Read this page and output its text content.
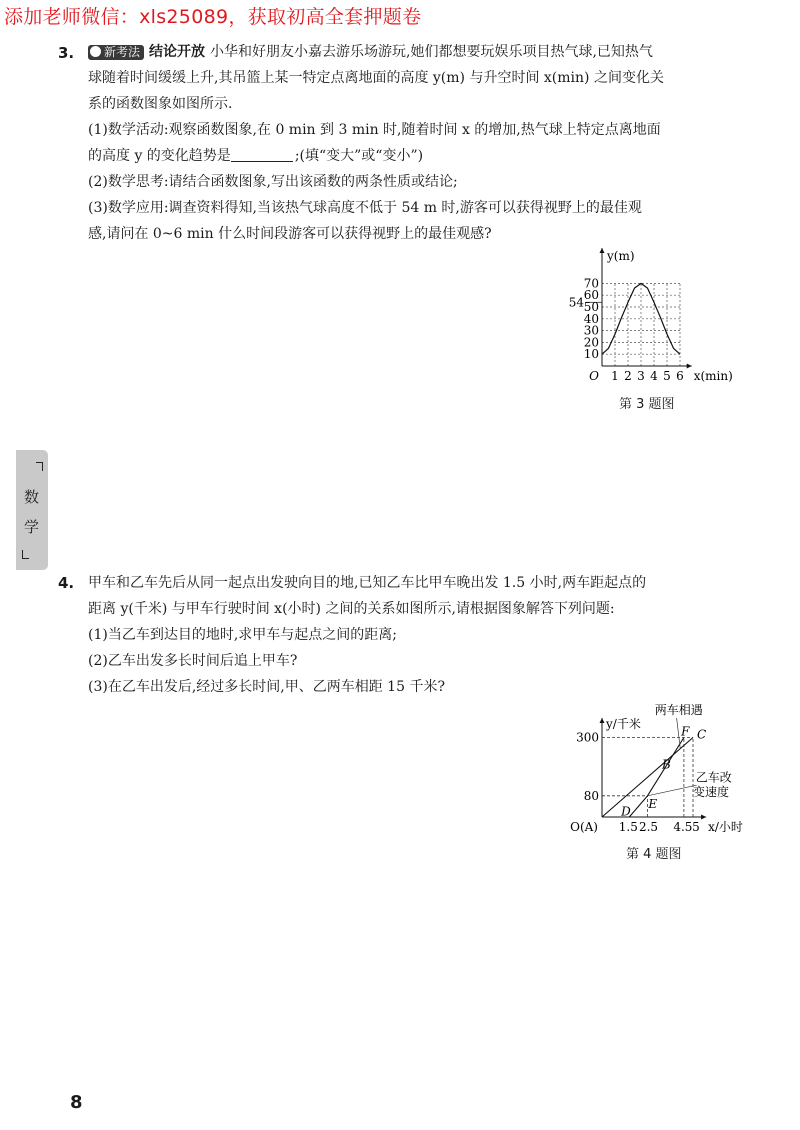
添加老师微信：xls25089，获取初高全套押题卷
3.	新考法 结论开放 小华和好朋友小嘉去游乐场游玩,她们都想要玩娱乐项目热气球,已知热气
球随着时间缓缓上升,其吊篮上某一特定点离地面的高度 y(m) 与升空时间 x(min) 之间变化关
系的函数图象如图所示.
(1)数学活动:观察函数图象,在 0 min 到 3 min 时,随着时间 x 的增加,热气球上特定点离地面
的高度 y 的变化趋势是	;(填“变大”或“变小”)
(2)数学思考:请结合函数图象,写出该函数的两条性质或结论;
(3)数学应用:调查资料得知,当该热气球高度不低于 54 m 时,游客可以获得视野上的最佳观
感,请问在 0~6 min 什么时间段游客可以获得视野上的最佳观感?
1 2 3 4 5 6
10
20
30
40
50
60
70
54
O
y(m)
x(min)
第 3 题图
数
学
4. 甲车和乙车先后从同一起点出发驶向目的地,已知乙车比甲车晚出发 1.5 小时,两车距起点的
距离 y(千米) 与甲车行驶时间 x(小时) 之间的关系如图所示,请根据图象解答下列问题:
(1)当乙车到达目的地时,求甲车与起点之间的距离;
(2)乙车出发多长时间后追上甲车?
(3)在乙车出发后,经过多长时间,甲、乙两车相距 15 千米?
300
80
O(A) 1.5 2.5 4.5 5
y/千米
x/小时
B
C
D
E
F
两车相遇
乙车改
变速度
第 4 题图
8
